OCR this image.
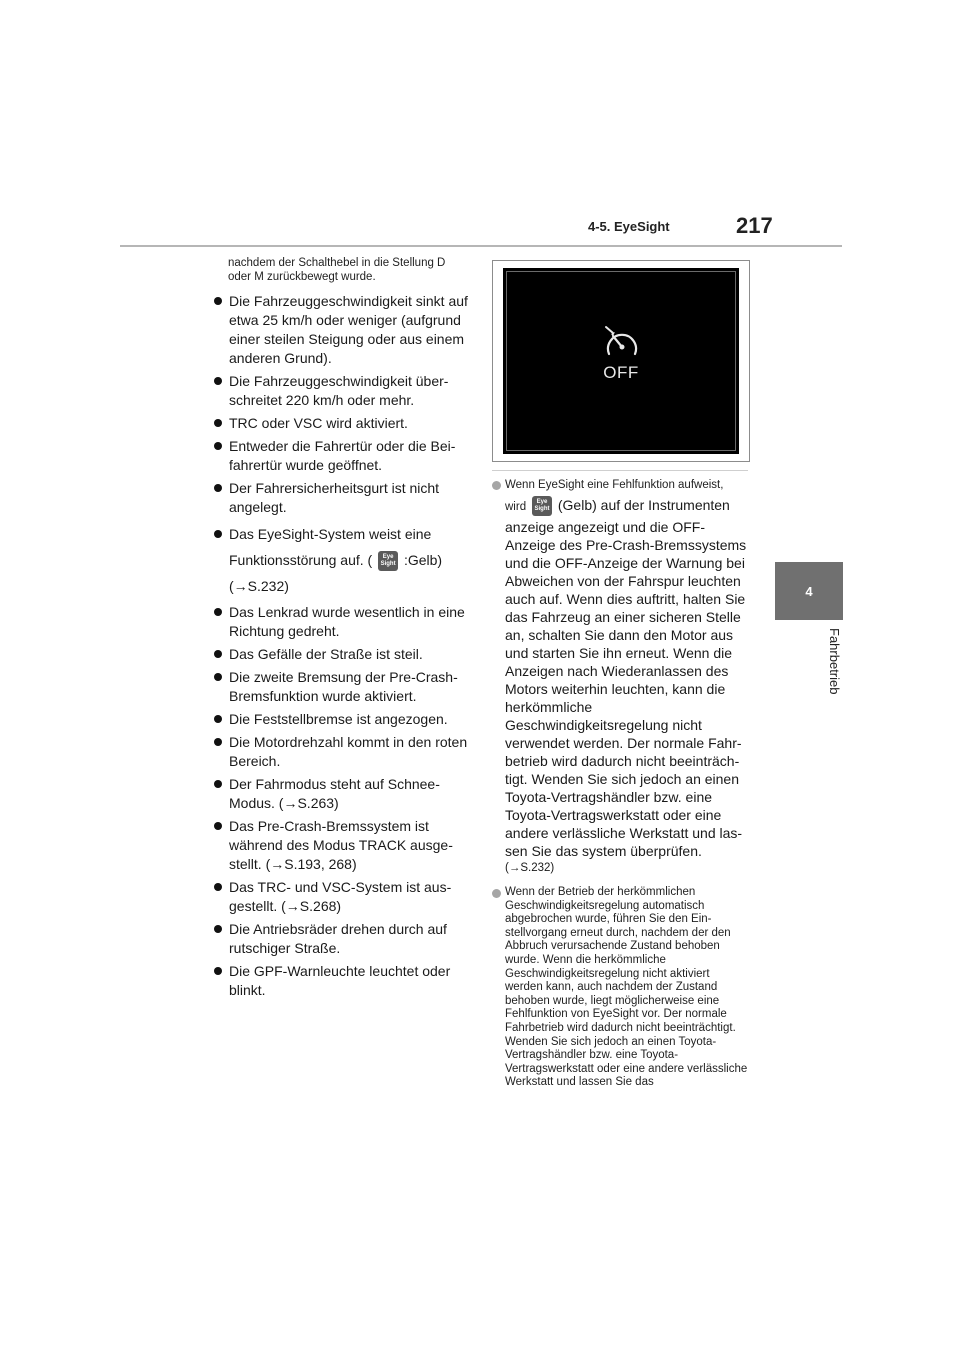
4-5. EyeSight	217
4
Fahrbetrieb

nachdem der Schalthebel in die Stellung D oder M zurückbewegt wurde.

Die Fahrzeuggeschwindigkeit sinkt auf etwa 25 km/h oder weniger (aufgrund einer steilen Steigung oder aus einem anderen Grund).
Die Fahrzeuggeschwindigkeit überschreitet 220 km/h oder mehr.
TRC oder VSC wird aktiviert.
Entweder die Fahrertür oder die Beifahrertür wurde geöffnet.
Der Fahrersicherheitsgurt ist nicht angelegt.
Das EyeSight-System weist eine Funktionsstörung auf. (	Eye
Sight :Gelb)
(→S.232)
Das Lenkrad wurde wesentlich in eine Richtung gedreht.
Das Gefälle der Straße ist steil.
Die zweite Bremsung der Pre-Crash-Bremsfunktion wurde aktiviert.
Die Feststellbremse ist angezogen.
Die Motordrehzahl kommt in den roten Bereich.
Der Fahrmodus steht auf Schnee-Modus. (→S.263)
Das Pre-Crash-Bremssystem ist während des Modus TRACK ausgestellt. (→S.193, 268)
Das TRC- und VSC-System ist ausgestellt. (→S.268)
Die Antriebsräder drehen durch auf rutschiger Straße.
Die GPF-Warnleuchte leuchtet oder blinkt.
OFF
Wenn EyeSight eine Fehlfunktion aufweist,
wird	Eye
Sight (Gelb) auf der Instrumenten
anzeige angezeigt und die OFF-Anzeige des Pre-Crash-Bremssystems und die OFF-Anzeige der Warnung bei Abweichen von der Fahrspur leuchten auch auf. Wenn dies auftritt, halten Sie das Fahrzeug an einer sicheren Stelle an, schalten Sie dann den Motor aus und starten Sie ihn erneut. Wenn die Anzeigen nach Wiederanlassen des Motors weiterhin leuchten, kann die herkömmliche Geschwindigkeitsregelung nicht verwendet werden. Der normale Fahrbetrieb wird dadurch nicht beeinträchtigt. Wenden Sie sich jedoch an einen Toyota-Vertragshändler bzw. eine Toyota-Vertragswerkstatt oder eine andere verlässliche Werkstatt und lassen Sie das system überprüfen.
(→S.232)
Wenn der Betrieb der herkömmlichen Geschwindigkeitsregelung automatisch abgebrochen wurde, führen Sie den Einstellvorgang erneut durch, nachdem der den Abbruch verursachende Zustand behoben wurde. Wenn die herkömmliche Geschwindigkeitsregelung nicht aktiviert werden kann, auch nachdem der Zustand behoben wurde, liegt möglicherweise eine Fehlfunktion von EyeSight vor. Der normale Fahrbetrieb wird dadurch nicht beeinträchtigt. Wenden Sie sich jedoch an einen Toyota-Vertragshändler bzw. eine Toyota-Vertragswerkstatt oder eine andere verlässliche Werkstatt und lassen Sie das
